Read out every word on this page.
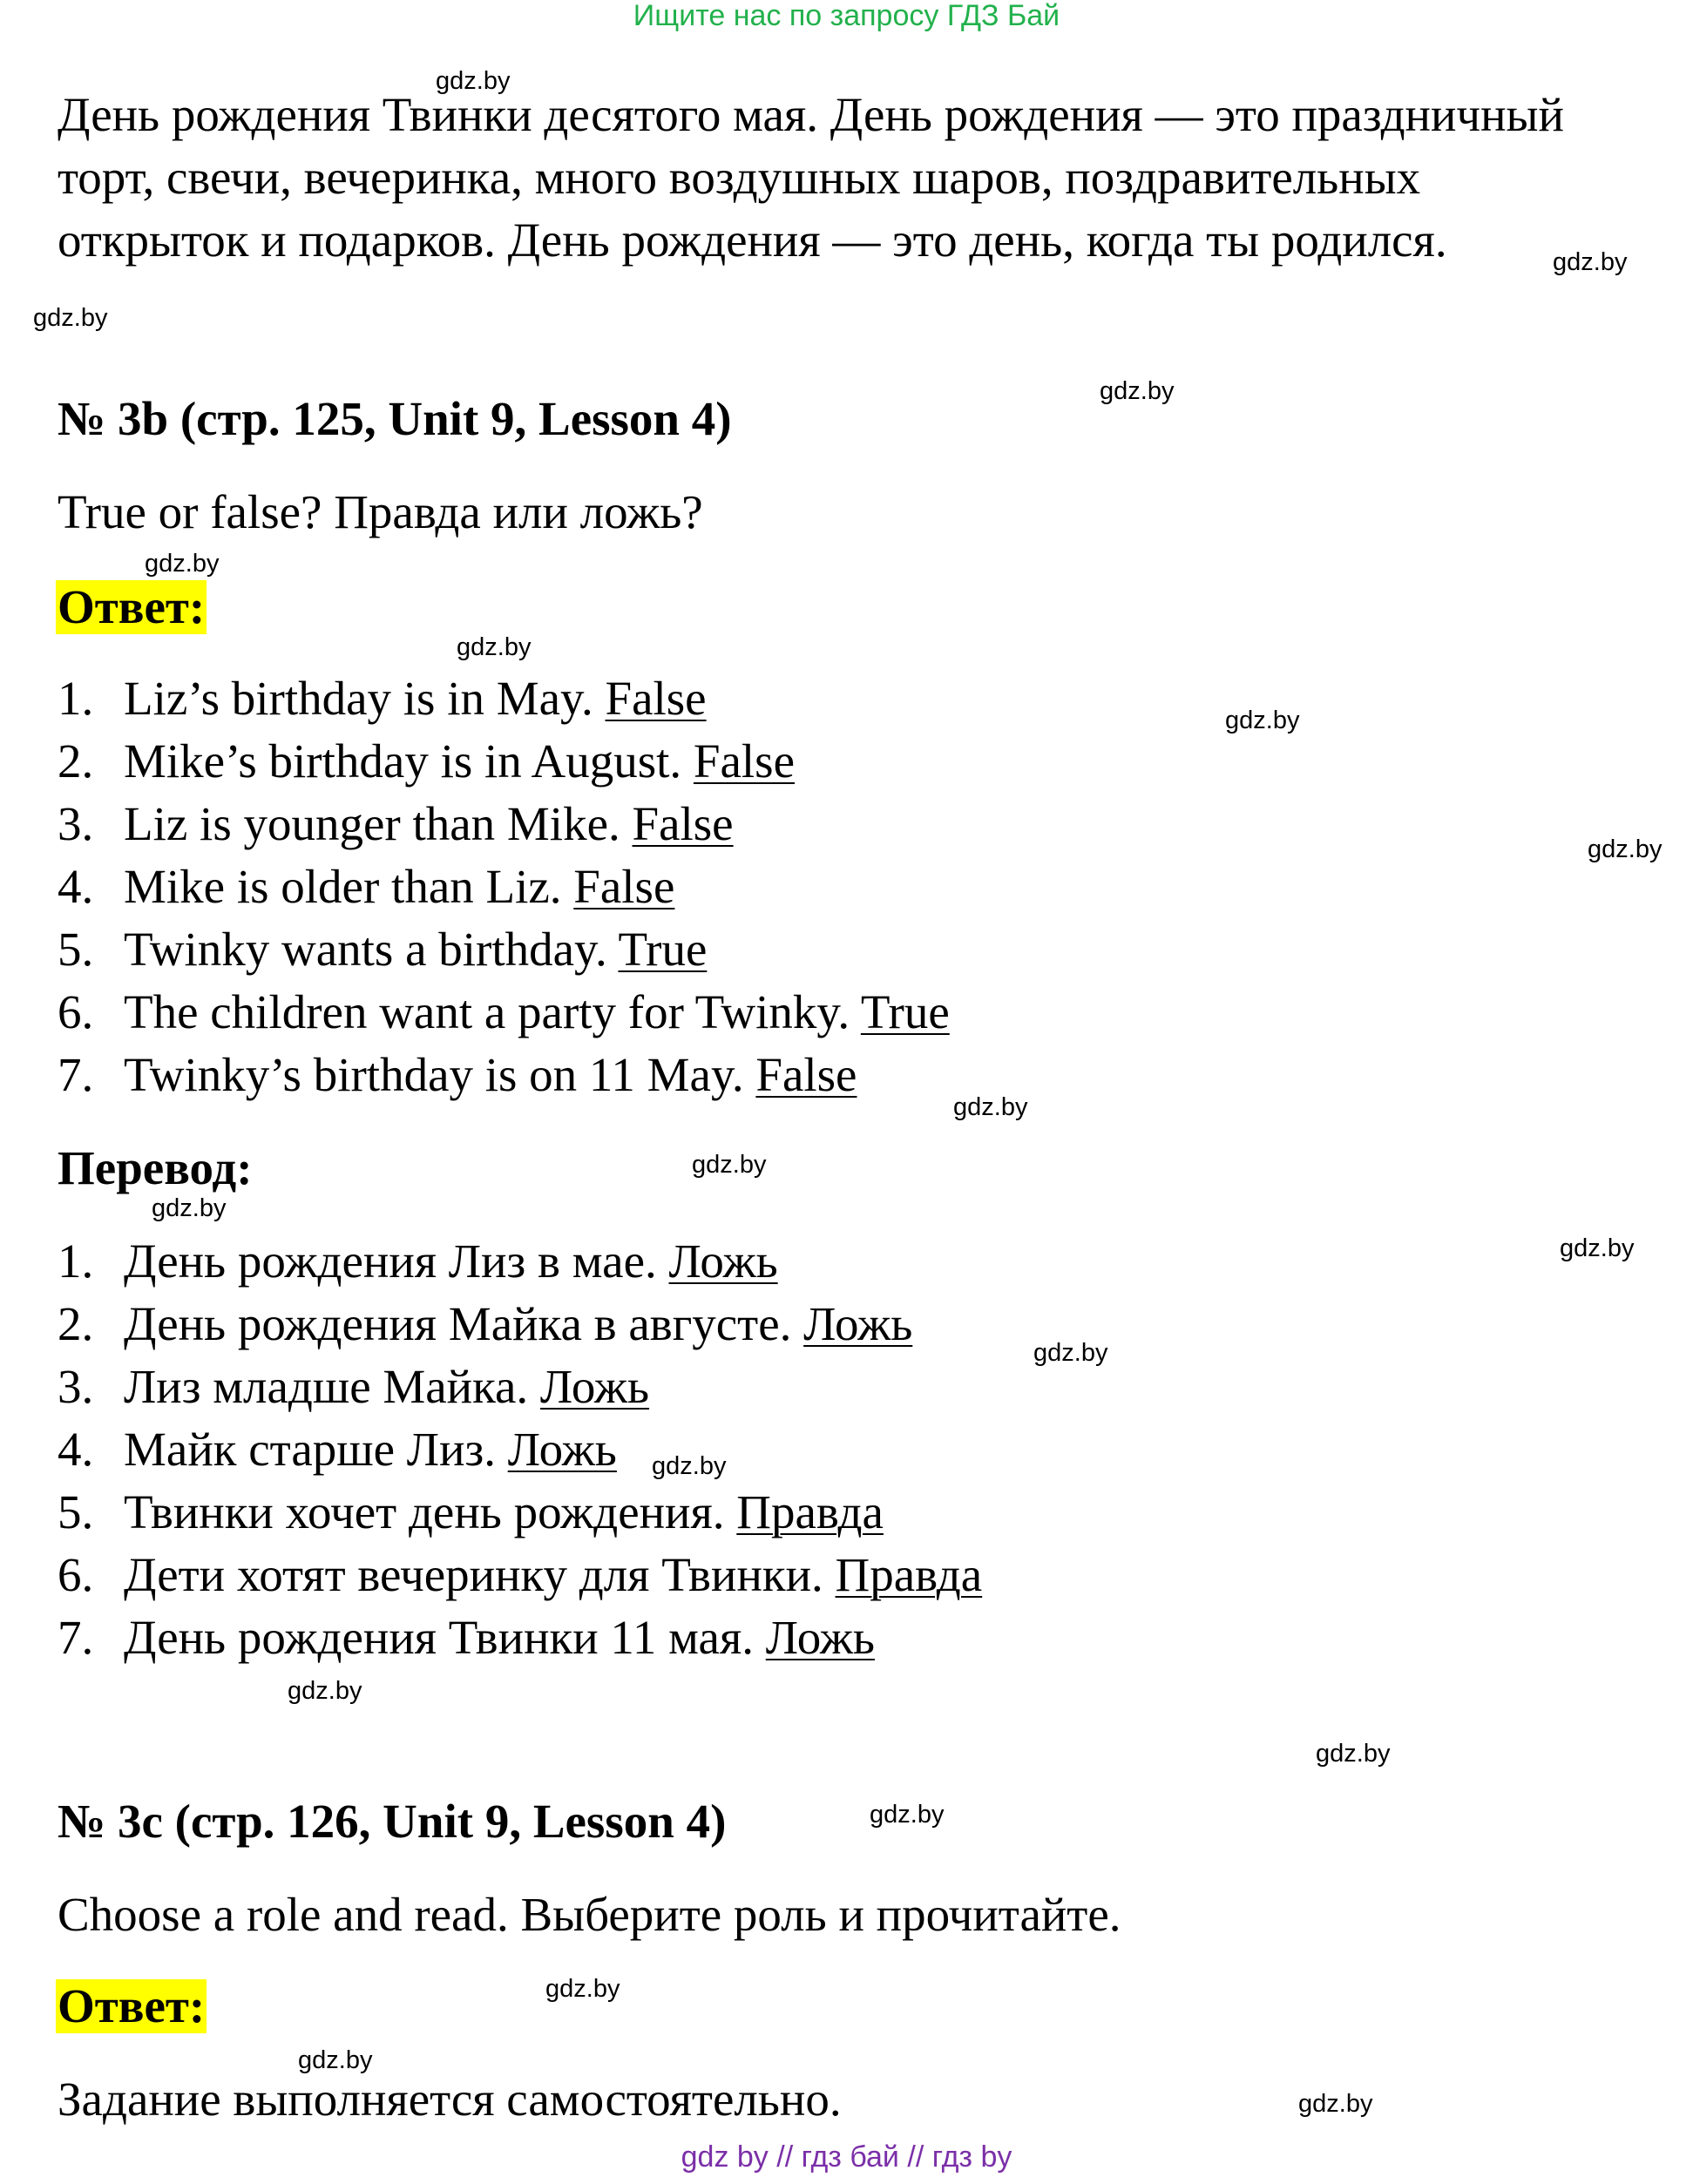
Ищите нас по запросу ГДЗ Бай
День рождения Твинки десятого мая. День рождения — это праздничный
торт, свечи, вечеринка, много воздушных шаров, поздравительных
открыток и подарков. День рождения — это день, когда ты родился.
№ 3b (стр. 125, Unit 9, Lesson 4)
True or false? Правда или ложь?
Ответ:
1. Liz’s birthday is in May. False
2. Mike’s birthday is in August. False
3. Liz is younger than Mike. False
4. Mike is older than Liz. False
5. Twinky wants a birthday. True
6. The children want a party for Twinky. True
7. Twinky’s birthday is on 11 May. False
Перевод:
1. День рождения Лиз в мае. Ложь
2. День рождения Майка в августе. Ложь
3. Лиз младше Майка. Ложь
4. Майк старше Лиз. Ложь
5. Твинки хочет день рождения. Правда
6. Дети хотят вечеринку для Твинки. Правда
7. День рождения Твинки 11 мая. Ложь
№ 3c (стр. 126, Unit 9, Lesson 4)
Choose a role and read. Выберите роль и прочитайте.
Ответ:
Задание выполняется самостоятельно.
gdz.by
gdz.by
gdz.by
gdz.by
gdz.by
gdz.by
gdz.by
gdz.by
gdz.by
gdz.by
gdz.by
gdz.by
gdz.by
gdz.by
gdz.by
gdz.by
gdz.by
gdz.by
gdz.by
gdz.by
gdz by // гдз бай // гдз by
